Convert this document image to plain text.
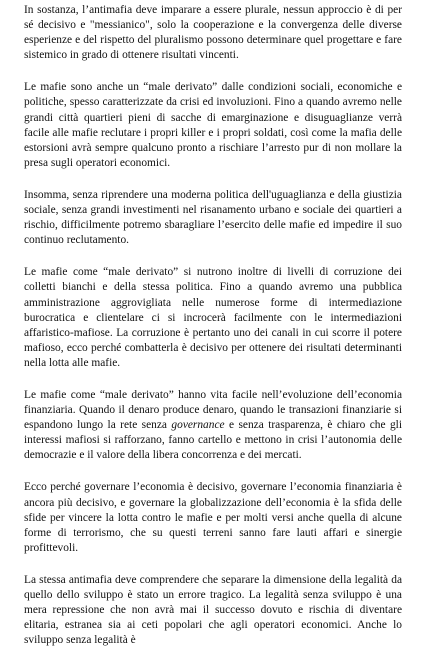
In sostanza, l’antimafia deve imparare a essere plurale, nessun approccio è di per sé decisivo e "messianico", solo la cooperazione e la convergenza delle diverse esperienze e del rispetto del pluralismo possono determinare quel progettare e fare sistemico in grado di ottenere risultati vincenti.

Le mafie sono anche un “male derivato” dalle condizioni sociali, economiche e politiche, spesso caratterizzate da crisi ed involuzioni. Fino a quando avremo nelle grandi città quartieri pieni di sacche di emarginazione e disuguaglianze verrà facile alle mafie reclutare i propri killer e i propri soldati, così come la mafia delle estorsioni avrà sempre qualcuno pronto a rischiare l’arresto pur di non mollare la presa sugli operatori economici.

Insomma, senza riprendere una moderna politica dell'uguaglianza e della giustizia sociale, senza grandi investimenti nel risanamento urbano e sociale dei quartieri a rischio, difficilmente potremo sbaragliare l’esercito delle mafie ed impedire il suo continuo reclutamento.

Le mafie come “male derivato” si nutrono inoltre di livelli di corruzione dei colletti bianchi e della stessa politica. Fino a quando avremo una pubblica amministrazione aggrovigliata nelle numerose forme di intermediazione burocratica e clientelare ci si incrocerà facilmente con le intermediazioni affaristico-mafiose. La corruzione è pertanto uno dei canali in cui scorre il potere mafioso, ecco perché combatterla è decisivo per ottenere dei risultati determinanti nella lotta alle mafie.

Le mafie come “male derivato” hanno vita facile nell’evoluzione dell’economia finanziaria. Quando il denaro produce denaro, quando le transazioni finanziarie si espandono lungo la rete senza governance e senza trasparenza, è chiaro che gli interessi mafiosi si rafforzano, fanno cartello e mettono in crisi l’autonomia delle democrazie e il valore della libera concorrenza e dei mercati.

Ecco perché governare l’economia è decisivo, governare l’economia finanziaria è ancora più decisivo, e governare la globalizzazione dell’economia è la sfida delle sfide per vincere la lotta contro le mafie e per molti versi anche quella di alcune forme di terrorismo, che su questi terreni sanno fare lauti affari e sinergie profittevoli.

La stessa antimafia deve comprendere che separare la dimensione della legalità da quello dello sviluppo è stato un errore tragico. La legalità senza sviluppo è una mera repressione che non avrà mai il successo dovuto e rischia di diventare elitaria, estranea sia ai ceti popolari che agli operatori economici. Anche lo sviluppo senza legalità è
